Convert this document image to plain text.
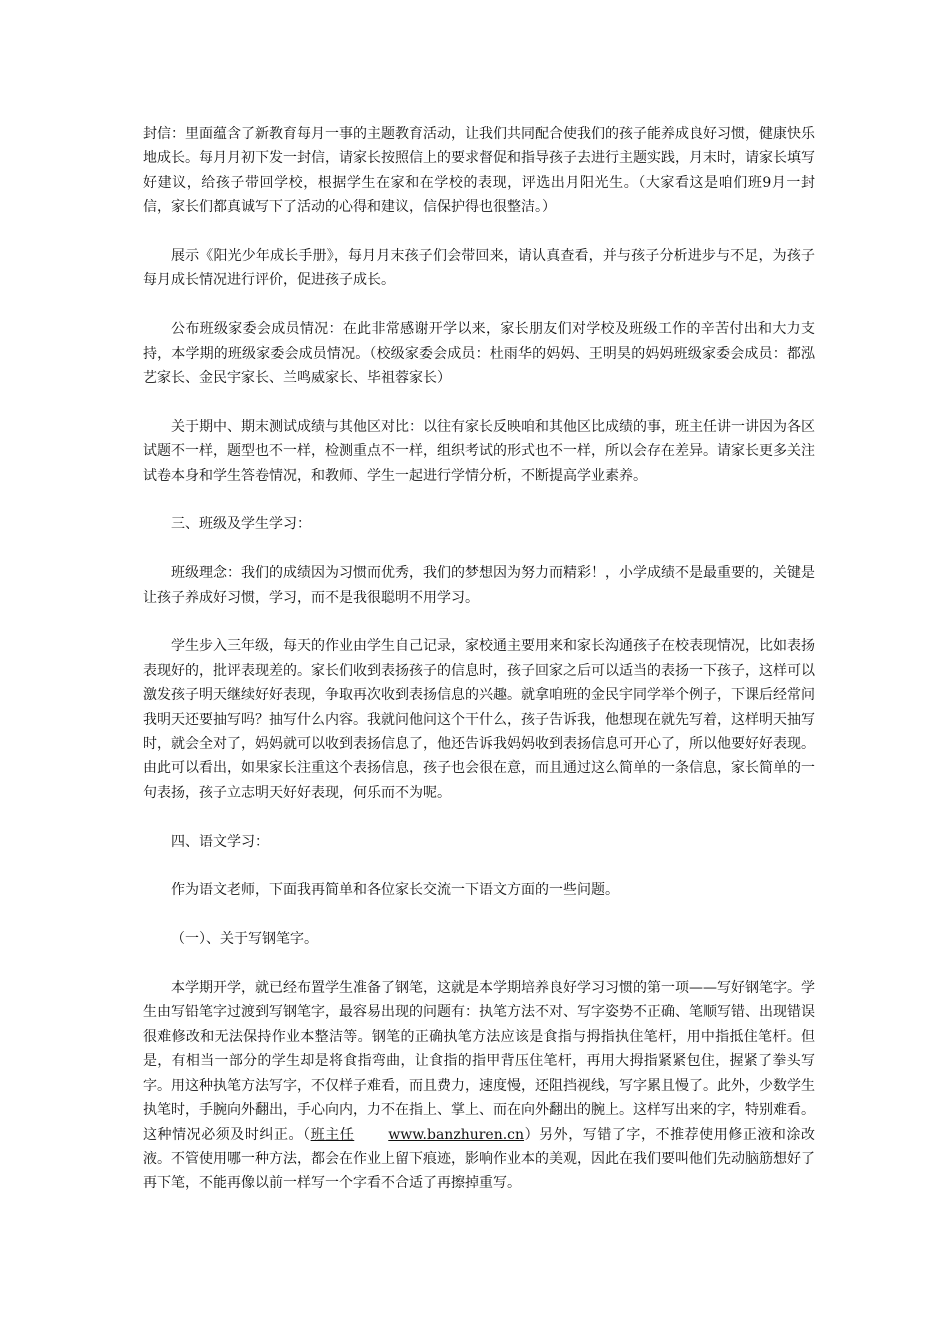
封信：里面蕴含了新教育每月一事的主题教育活动，让我们共同配合使我们的孩子能养成良好习惯，健康快乐地成长。每月月初下发一封信，请家长按照信上的要求督促和指导孩子去进行主题实践，月末时，请家长填写好建议，给孩子带回学校，根据学生在家和在学校的表现，评选出月阳光生。（大家看这是咱们班9月一封信，家长们都真诚写下了活动的心得和建议，信保护得也很整洁。）

展示《阳光少年成长手册》，每月月末孩子们会带回来，请认真查看，并与孩子分析进步与不足，为孩子每月成长情况进行评价，促进孩子成长。

公布班级家委会成员情况：在此非常感谢开学以来，家长朋友们对学校及班级工作的辛苦付出和大力支持，本学期的班级家委会成员情况。（校级家委会成员：杜雨华的妈妈、王明昊的妈妈班级家委会成员：都泓艺家长、金民宇家长、兰鸣威家长、毕祖蓉家长）

关于期中、期末测试成绩与其他区对比：以往有家长反映咱和其他区比成绩的事，班主任讲一讲因为各区试题不一样，题型也不一样，检测重点不一样，组织考试的形式也不一样，所以会存在差异。请家长更多关注试卷本身和学生答卷情况，和教师、学生一起进行学情分析，不断提高学业素养。

三、班级及学生学习：

班级理念：我们的成绩因为习惯而优秀，我们的梦想因为努力而精彩！，小学成绩不是最重要的，关键是让孩子养成好习惯，学习，而不是我很聪明不用学习。

学生步入三年级，每天的作业由学生自己记录，家校通主要用来和家长沟通孩子在校表现情况，比如表扬表现好的，批评表现差的。家长们收到表扬孩子的信息时，孩子回家之后可以适当的表扬一下孩子，这样可以激发孩子明天继续好好表现，争取再次收到表扬信息的兴趣。就拿咱班的金民宇同学举个例子，下课后经常问我明天还要抽写吗？抽写什么内容。我就问他问这个干什么，孩子告诉我，他想现在就先写着，这样明天抽写时，就会全对了，妈妈就可以收到表扬信息了，他还告诉我妈妈收到表扬信息可开心了，所以他要好好表现。由此可以看出，如果家长注重这个表扬信息，孩子也会很在意，而且通过这么简单的一条信息，家长简单的一句表扬，孩子立志明天好好表现，何乐而不为呢。

四、语文学习：

作为语文老师，下面我再简单和各位家长交流一下语文方面的一些问题。

（一）、关于写钢笔字。

本学期开学，就已经布置学生准备了钢笔，这就是本学期培养良好学习习惯的第一项——写好钢笔字。学生由写铅笔字过渡到写钢笔字，最容易出现的问题有：执笔方法不对、写字姿势不正确、笔顺写错、出现错误很难修改和无法保持作业本整洁等。钢笔的正确执笔方法应该是食指与拇指执住笔杆，用中指抵住笔杆。但是，有相当一部分的学生却是将食指弯曲，让食指的指甲背压住笔杆，再用大拇指紧紧包住，握紧了拳头写字。用这种执笔方法写字，不仅样子难看，而且费力，速度慢，还阻挡视线，写字累且慢了。此外，少数学生执笔时，手腕向外翻出，手心向内，力不在指上、掌上、而在向外翻出的腕上。这样写出来的字，特别难看。这种情况必须及时纠正。（班主任 www.banzhuren.cn）另外，写错了字，不推荐使用修正液和涂改液。不管使用哪一种方法，都会在作业上留下痕迹，影响作业本的美观，因此在我们要叫他们先动脑筋想好了再下笔，不能再像以前一样写一个字看不合适了再擦掉重写。
